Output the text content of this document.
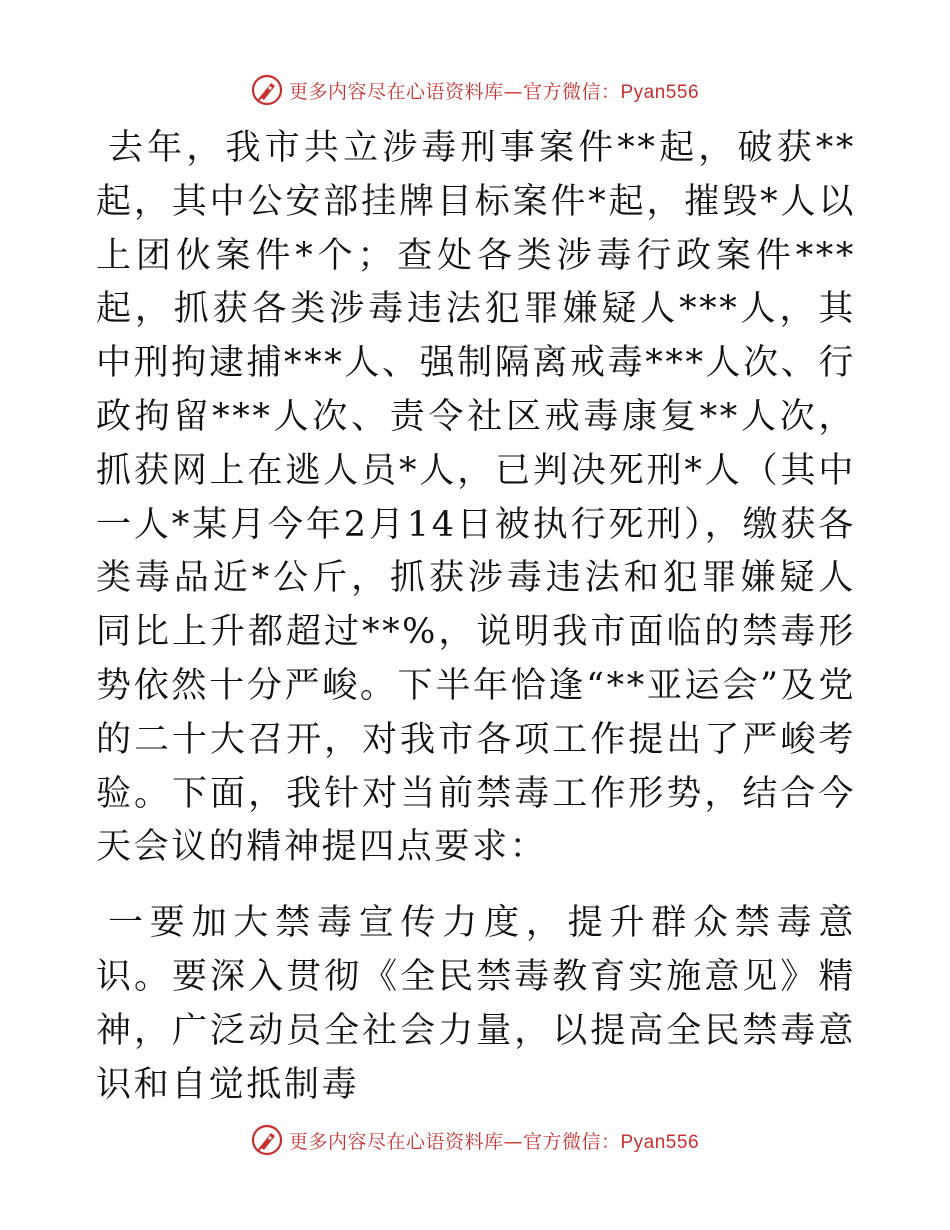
更多内容尽在心语资料库—官方微信：Pyan556

去年，我市共立涉毒刑事案件**起，破获**起，其中公安部挂牌目标案件*起，摧毁*人以上团伙案件*个；查处各类涉毒行政案件***起，抓获各类涉毒违法犯罪嫌疑人***人，其中刑拘逮捕***人、强制隔离戒毒***人次、行政拘留***人次、责令社区戒毒康复**人次，抓获网上在逃人员*人，已判决死刑*人（其中一人*某月今年2月14日被执行死刑），缴获各类毒品近*公斤，抓获涉毒违法和犯罪嫌疑人同比上升都超过**%，说明我市面临的禁毒形势依然十分严峻。下半年恰逢“**亚运会”及党的二十大召开，对我市各项工作提出了严峻考验。下面，我针对当前禁毒工作形势，结合今天会议的精神提四点要求：

一要加大禁毒宣传力度，提升群众禁毒意识。要深入贯彻《全民禁毒教育实施意见》精神，广泛动员全社会力量，以提高全民禁毒意识和自觉抵制毒

更多内容尽在心语资料库—官方微信：Pyan556
